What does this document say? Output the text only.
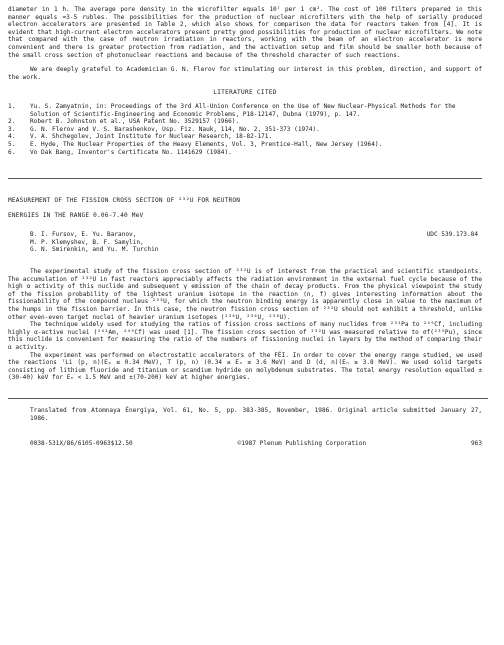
diameter in 1 h. The average pore density in the microfilter equals 10⁷ per 1 cm². The cost of 100 filters prepared in this manner equals ≈3-5 rubles. The possibilities for the production of nuclear microfilters with the help of serially produced electron accelerators are presented in Table 2, which also shows for comparison the data for reactors taken from [4]. It is evident that high-current electron accelerators present pretty good possibilities for production of nuclear microfilters. We note that compared with the case of neutron irradiation in reactors, working with the beam of an electron accelerator is more convenient and there is greater protection from radiation, and the activation setup and film should be smaller both because of the small cross section of photonuclear reactions and because of the threshold character of such reactions.

We are deeply grateful to Academician G. N. Flerov for stimulating our interest in this problem, direction, and support of the work.

LITERATURE CITED
1.	Yu. S. Zamyatnin, in: Proceedings of the 3rd All-Union Conference on the Use of New Nuclear-Physical Methods for the Solution of Scientific-Engineering and Economic Problems, P18-12147, Dubna (1979), p. 147.
2.	Robert B. Johnston et al., USA Patent No. 3529157 (1966).
3.	G. N. Flerov and V. S. Barashenkov, Usp. Fiz. Nauk, 114, No. 2, 351-373 (1974).
4.	V. A. Shchegolev, Joint Institute for Nuclear Research, 18-82-171.
5.	E. Hyde, The Nuclear Properties of the Heavy Elements, Vol. 3, Prentice-Hall, New Jersey (1964).
6.	Vo Dak Bang, Inventor's Certificate No. 1141629 (1984).
MEASUREMENT OF THE FISSION CROSS SECTION OF ²³²U FOR NEUTRON
ENERGIES IN THE RANGE 0.06-7.40 MeV
B. I. Fursov, E. Yu. Baranov,
M. P. Klemyshev, B. F. Samylin,
G. N. Smirenkin, and Yu. M. Turchin
UDC 539.173.84

The experimental study of the fission cross section of ²³²U is of interest from the practical and scientific standpoints. The accumulation of ²³²U in fast reactors appreciably affects the radiation environment in the external fuel cycle because of the high α activity of this nuclide and subsequent γ emission of the chain of decay products. From the physical viewpoint the study of the fission probability of the lightest uranium isotope in the reaction (n, f) gives interesting information about the fissionability of the compound nucleus ²³³U, for which the neutron binding energy is apparently close in value to the maximum of the humps in the fission barrier. In this case, the neutron fission cross section of ²³²U should not exhibit a threshold, unlike other even-even target nuclei of heavier uranium isotopes (²³⁴U, ²³⁶U, ²³⁸U).

The technique widely used for studying the ratios of fission cross sections of many nuclides from ²³¹Pa to ²⁴⁹Cf, including highly α-active nuclei (²⁴¹Am, ²⁴⁹Cf) was used [1]. The fission cross section of ²³²U was measured relative to σf(²³⁹Pu), since this nuclide is convenient for measuring the ratio of the numbers of fissioning nuclei in layers by the method of comparing their α activity.

The experiment was performed on electrostatic accelerators of the FÉI. In order to cover the energy range studied, we used the reactions ⁷Li (p, n)(Eₚ ≤ 0.34 MeV), T (p, n) (0.34 ≤ Eₙ ≤ 3.6 MeV) and D (d, n)(Eₙ ≥ 3.8 MeV). We used solid targets consisting of lithium fluoride and titanium or scandium hydride on molybdenum substrates. The total energy resolution equalled ±(30-40) keV for Eₙ < 1.5 MeV and ±(70-200) keV at higher energies.

Translated from Atomnaya Énergiya, Vol. 61, No. 5, pp. 383-385, November, 1986. Original article submitted January 27, 1986.

0038-531X/86/6105-0963$12.50	©1987 Plenum Publishing Corporation	963
